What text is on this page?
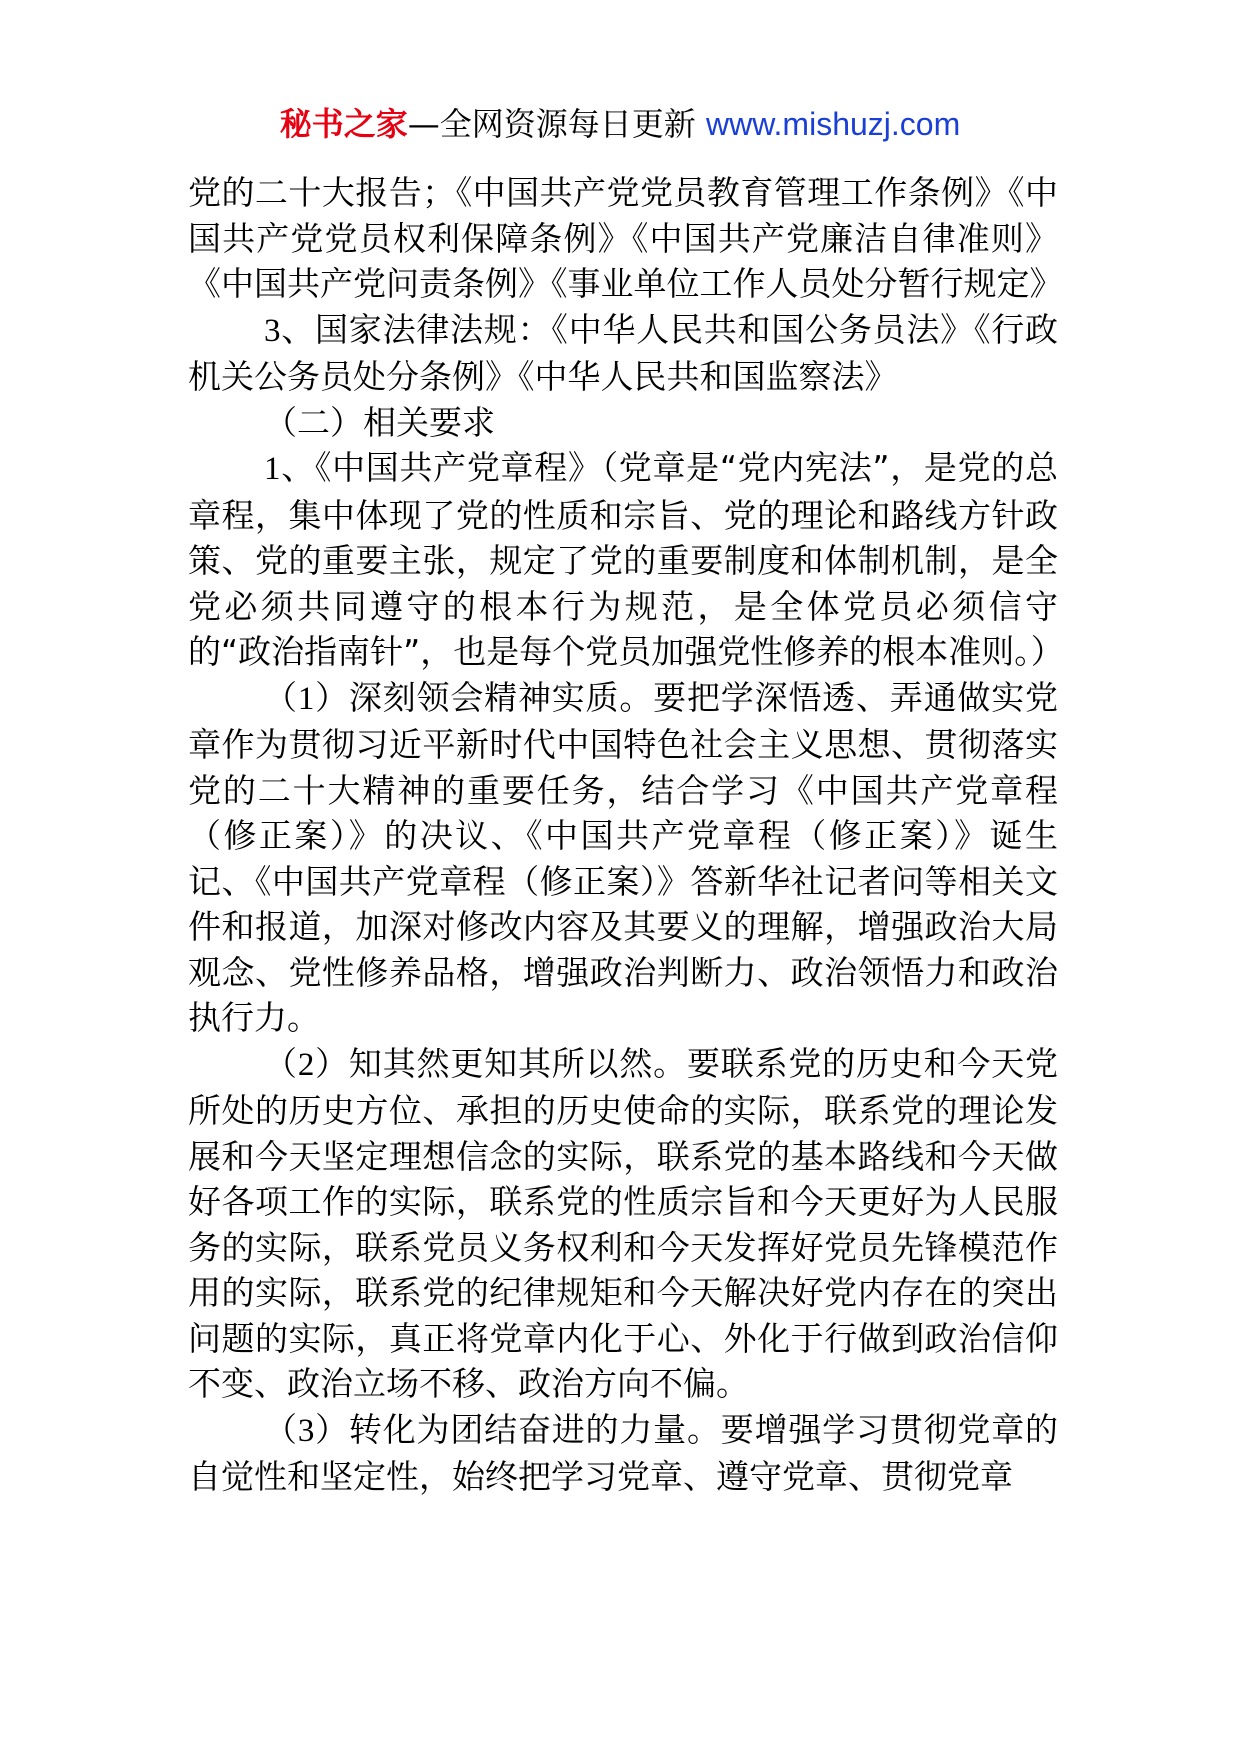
秘书之家—全网资源每日更新 www.mishuzj.com

党的二十大报告；《中国共产党党员教育管理工作条例》《中国共产党党员权利保障条例》《中国共产党廉洁自律准则》《中国共产党问责条例》《事业单位工作人员处分暂行规定》

3、国家法律法规：《中华人民共和国公务员法》《行政机关公务员处分条例》《中华人民共和国监察法》

（二）相关要求

1、《中国共产党章程》（党章是“党内宪法”，是党的总章程，集中体现了党的性质和宗旨、党的理论和路线方针政策、党的重要主张，规定了党的重要制度和体制机制，是全党必须共同遵守的根本行为规范，是全体党员必须信守的“政治指南针”，也是每个党员加强党性修养的根本准则。）

（1）深刻领会精神实质。要把学深悟透、弄通做实党章作为贯彻习近平新时代中国特色社会主义思想、贯彻落实党的二十大精神的重要任务，结合学习《中国共产党章程（修正案）》的决议、《中国共产党章程（修正案）》诞生记、《中国共产党章程（修正案）》答新华社记者问等相关文件和报道，加深对修改内容及其要义的理解，增强政治大局观念、党性修养品格，增强政治判断力、政治领悟力和政治执行力。

（2）知其然更知其所以然。要联系党的历史和今天党所处的历史方位、承担的历史使命的实际，联系党的理论发展和今天坚定理想信念的实际，联系党的基本路线和今天做好各项工作的实际，联系党的性质宗旨和今天更好为人民服务的实际，联系党员义务权利和今天发挥好党员先锋模范作用的实际，联系党的纪律规矩和今天解决好党内存在的突出问题的实际，真正将党章内化于心、外化于行做到政治信仰不变、政治立场不移、政治方向不偏。

（3）转化为团结奋进的力量。要增强学习贯彻党章的自觉性和坚定性，始终把学习党章、遵守党章、贯彻党章
